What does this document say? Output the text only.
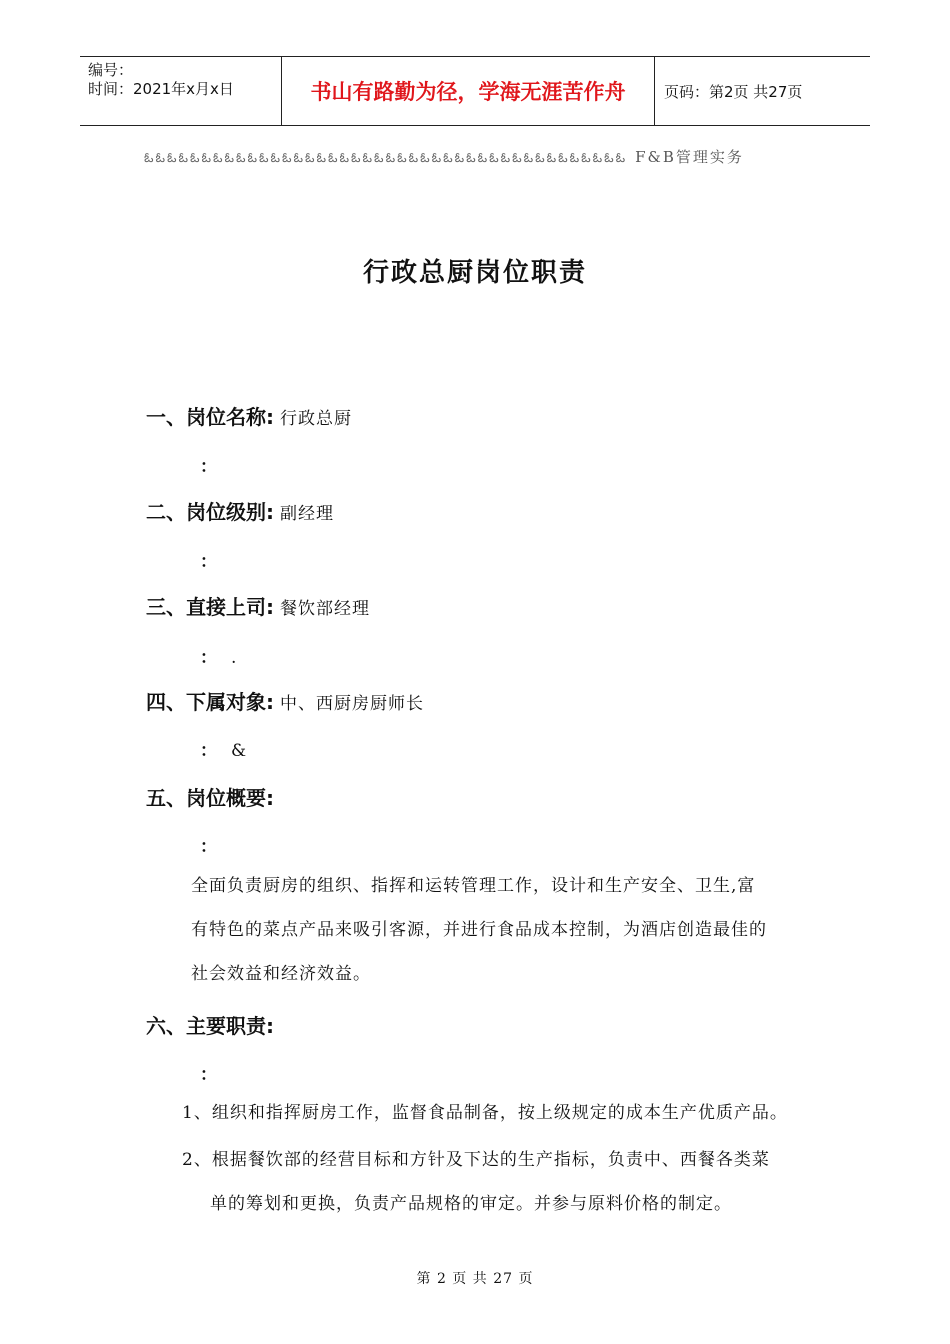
编号：
时间：2021年x月x日	书山有路勤为径，学海无涯苦作舟	页码：第2页 共27页
ఓఓఓఓఓఓఓఓఓఓఓఓఓఓఓఓఓఓఓఓఓఓఓఓఓఓఓఓఓఓఓఓఓఓఓఓఓఓఓఓఓఓ F&B管理实务
行政总厨岗位职责
一、岗位名称: 行政总厨
：
二、岗位级别: 副经理
：
三、直接上司: 餐饮部经理
： .
四、下属对象: 中、西厨房厨师长
： &
五、岗位概要:
：
全面负责厨房的组织、指挥和运转管理工作，设计和生产安全、卫生,富
有特色的菜点产品来吸引客源，并进行食品成本控制，为酒店创造最佳的
社会效益和经济效益。
六、主要职责:
：
1、组织和指挥厨房工作，监督食品制备，按上级规定的成本生产优质产品。
2、根据餐饮部的经营目标和方针及下达的生产指标，负责中、西餐各类菜
单的筹划和更换，负责产品规格的审定。并参与原料价格的制定。
第 2 页 共 27 页
